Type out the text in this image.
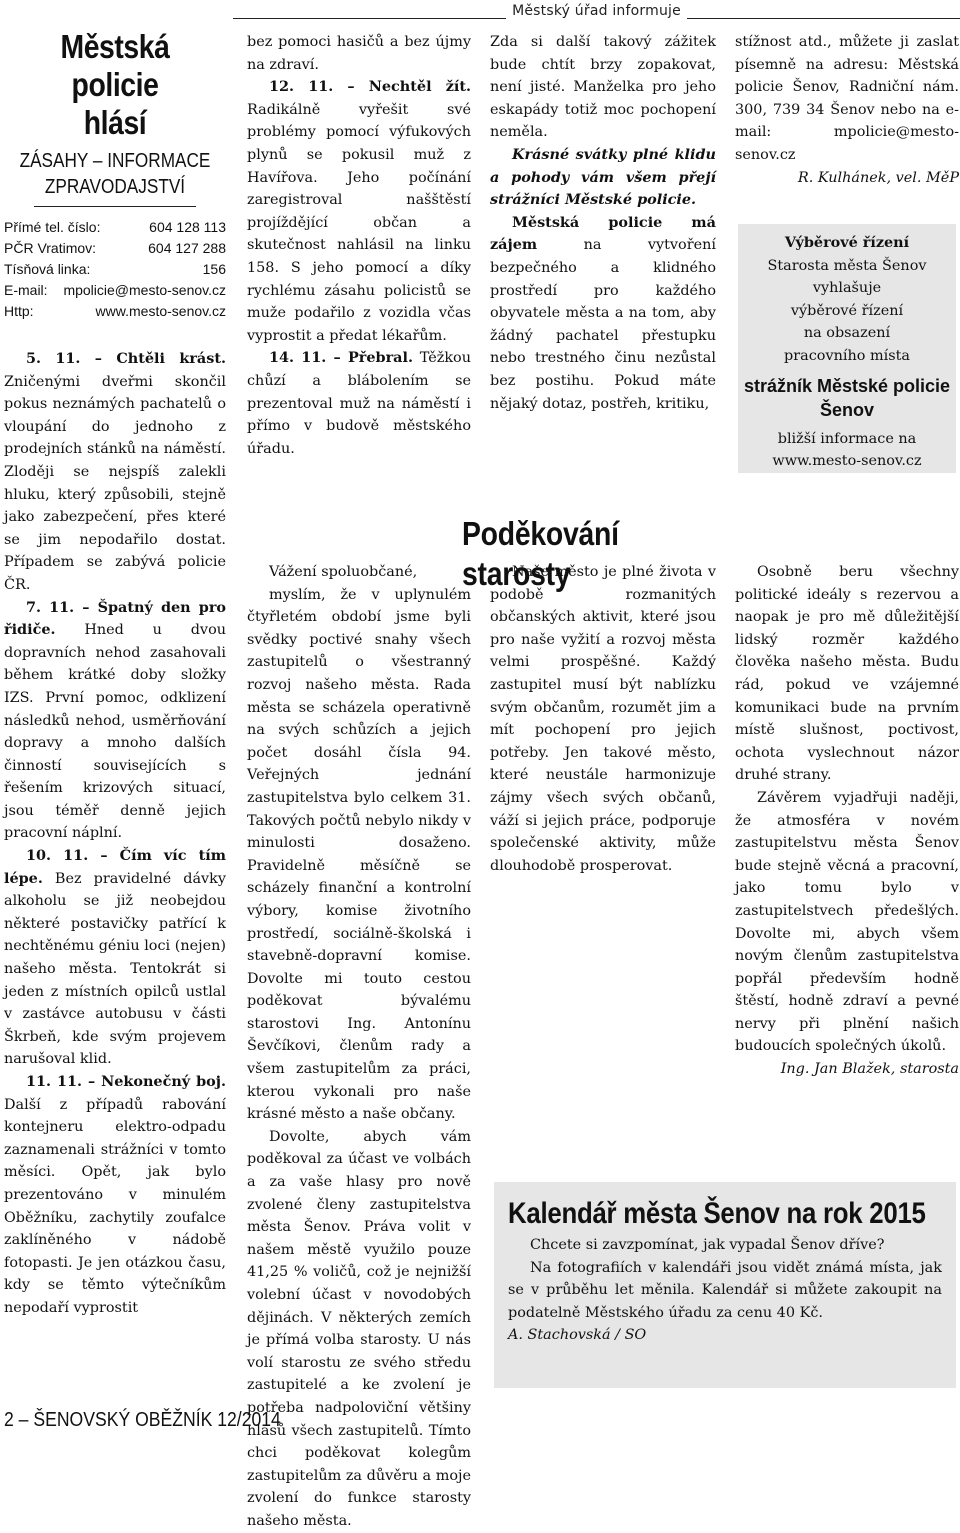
Městský úřad informuje
Městská policie
hlásí
ZÁSAHY – INFORMACE
ZPRAVODAJSTVÍ
Přímé tel. číslo:	604 128 113
PČR Vratimov:	604 127 288
Tísňová linka:	156
E-mail: mpolicie@mesto-senov.cz
Http:	www.mesto-senov.cz

5. 11. – Chtěli krást. Zničenými dveřmi skončil pokus neznámých pachatelů o vloupání do jednoho z prodejních stánků na náměstí. Zloději se nejspíš zalekli hluku, který způsobili, stejně jako zabezpečení, přes které se jim nepodařilo dostat. Případem se zabývá policie ČR.

7. 11. – Špatný den pro řidiče. Hned u dvou dopravních nehod zasahovali během krátké doby složky IZS. První pomoc, odklizení následků nehod, usměrňování dopravy a mnoho dalších činností souvisejících s řešením krizových situací, jsou téměř denně jejich pracovní náplní.

10. 11. – Čím víc tím lépe. Bez pravidelné dávky alkoholu se již neobejdou některé postavičky patřící k nechtěnému géniu loci (nejen) našeho města. Tentokrát si jeden z místních opilců ustlal v zastávce autobusu v části Škrbeň, kde svým projevem narušoval klid.

11. 11. – Nekonečný boj. Další z případů rabování kontejneru elektro-odpadu zaznamenali strážníci v tomto měsíci. Opět, jak bylo prezentováno v minulém Oběžníku, zachytily zoufalce zaklíněného v nádobě fotopasti. Je jen otázkou času, kdy se těmto výtečníkům nepodaří vyprostit

bez pomoci hasičů a bez újmy na zdraví.

12. 11. – Nechtěl žít. Radikálně vyřešit své problémy pomocí výfukových plynů se pokusil muž z Havířova. Jeho počínání zaregistroval našštěstí projíždějící občan a skutečnost nahlásil na linku 158. S jeho pomocí a díky rychlému zásahu policistů se muže podařilo z vozidla včas vyprostit a předat lékařům.

14. 11. – Přebral. Těžkou chůzí a blábolením se prezentoval muž na náměstí i přímo v budově městského úřadu.

Zda si další takový zážitek bude chtít brzy zopakovat, není jisté. Manželka pro jeho eskapády totiž moc pochopení neměla.

Krásné svátky plné klidu a pohody vám všem přejí strážníci Městské policie.

Městská policie má zájem na vytvoření bezpečného a klidného prostředí pro každého obyvatele města a na tom, aby žádný pachatel přestupku nebo trestného činu nezůstal bez postihu. Pokud máte nějaký dotaz, postřeh, kritiku,

stížnost atd., můžete ji zaslat písemně na adresu: Městská policie Šenov, Radniční nám. 300, 739 34 Šenov nebo na e-mail: mpolicie@mesto-senov.cz

R. Kulhánek, vel. MěP

Výběrové řízení
Starosta města Šenov
vyhlašuje
výběrové řízení
na obsazení
pracovního místa
strážník Městské policie Šenov
bližší informace na
www.mesto-senov.cz
Poděkování starosty

Vážení spoluobčané,

myslím, že v uplynulém čtyřletém období jsme byli svědky poctivé snahy všech zastupitelů o všestranný rozvoj našeho města. Rada města se scházela operativně na svých schůzích a jejich počet dosáhl čísla 94. Veřejných jednání zastupitelstva bylo celkem 31. Takových počtů nebylo nikdy v minulosti dosaženo. Pravidelně měsíčně se scházely finanční a kontrolní výbory, komise životního prostředí, sociálně-školská i stavebně-dopravní komise. Dovolte mi touto cestou poděkovat bývalému starostovi Ing. Antonínu Ševčíkovi, členům rady a všem zastupitelům za práci, kterou vykonali pro naše krásné město a naše občany.

Dovolte, abych vám poděkoval za účast ve volbách a za vaše hlasy pro nově zvolené členy zastupitelstva města Šenov. Práva volit v našem městě využilo pouze 41,25 % voličů, což je nejnižší volební účast v novodobých dějinách. V některých zemích je přímá volba starosty. U nás volí starostu ze svého středu zastupitelé a ke zvolení je potřeba nadpoloviční většiny hlasů všech zastupitelů. Tímto chci poděkovat kolegům zastupitelům za důvěru a moje zvolení do funkce starosty našeho města.

Naše město je plné života v podobě rozmanitých občanských aktivit, které jsou pro naše vyžití a rozvoj města velmi prospěšné. Každý zastupitel musí být nablízku svým občanům, rozumět jim a mít pochopení pro jejich potřeby. Jen takové město, které neustále harmonizuje zájmy všech svých občanů, váží si jejich práce, podporuje společenské aktivity, může dlouhodobě prosperovat.

Osobně beru všechny politické ideály s rezervou a naopak je pro mě důležitější lidský rozměr každého člověka našeho města. Budu rád, pokud ve vzájemné komunikaci bude na prvním místě slušnost, poctivost, ochota vyslechnout názor druhé strany.

Závěrem vyjadřuji naději, že atmosféra v novém zastupitelstvu města Šenov bude stejně věcná a pracovní, jako tomu bylo v zastupitelstvech předešlých. Dovolte mi, abych všem novým členům zastupitelstva popřál především hodně štěstí, hodně zdraví a pevné nervy při plnění našich budoucích společných úkolů.

Ing. Jan Blažek, starosta

Kalendář města Šenov na rok 2015

Chcete si zavzpomínat, jak vypadal Šenov dříve?

Na fotografiích v kalendáři jsou vidět známá místa, jak se v průběhu let měnila. Kalendář si můžete zakoupit na podatelně Městského úřadu za cenu 40 Kč.

A. Stachovská / SO

2 – ŠENOVSKÝ OBĚŽNÍK 12/2014
